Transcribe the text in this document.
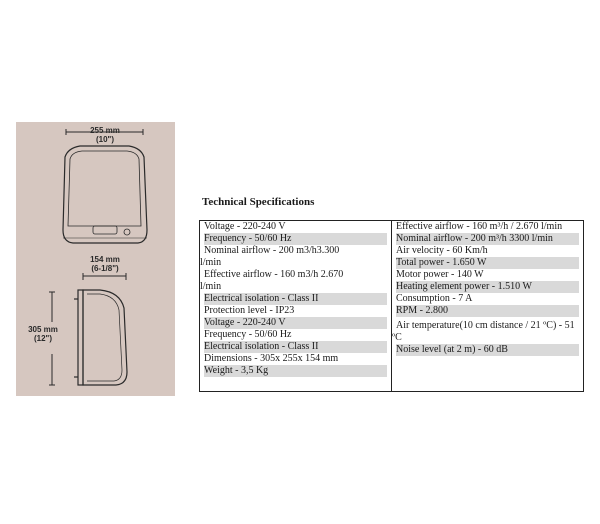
255 mm
(10")
154 mm
(6-1/8")
305 mm
(12")
Technical Specifications
Voltage - 220-240 V
Frequency - 50/60 Hz
Nominal airflow - 200 m3/h3.300
l/min
Effective airflow - 160 m3/h 2.670
l/min
Electrical isolation - Class II
Protection level - IP23
Voltage - 220-240 V
Frequency - 50/60 Hz
Electrical isolation - Class II
Dimensions - 305x 255x 154 mm
Weight - 3,5 Kg

Effective airflow - 160 m³/h / 2.670 l/min
Nominal airflow - 200 m³/h 3300 l/min
Air velocity - 60 Km/h
Total power - 1.650 W
Motor power - 140 W
Heating element power - 1.510 W
Consumption - 7 A
RPM - 2.800
Air temperature(10 cm distance / 21 ºC) - 51
ºC
Noise level (at 2 m) - 60 dB
